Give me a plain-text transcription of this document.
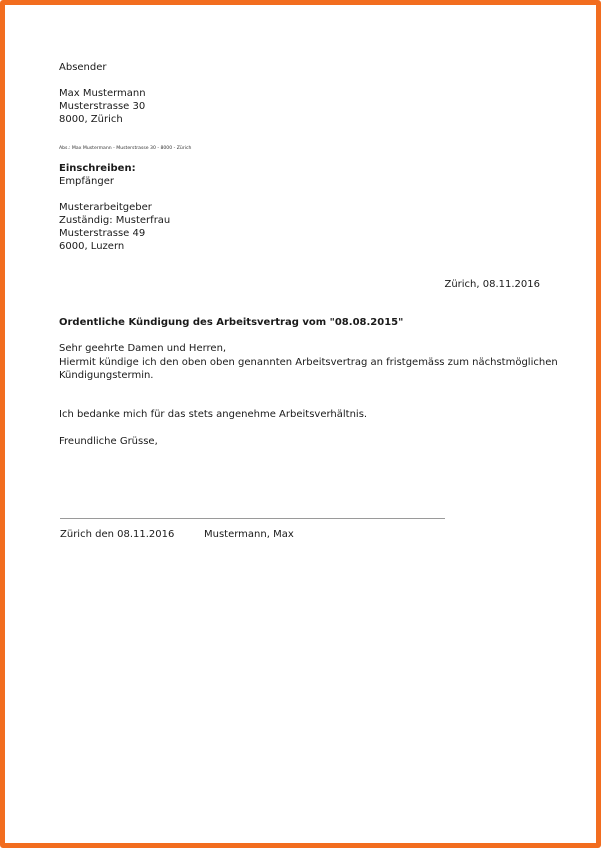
Absender
Max Mustermann
Musterstrasse 30
8000, Zürich
Abs.: Max Mustermann - Musterstrasse 30 - 8000 - Zürich
Einschreiben:
Empfänger
Musterarbeitgeber
Zuständig: Musterfrau
Musterstrasse 49
6000, Luzern
Zürich, 08.11.2016
Ordentliche Kündigung des Arbeitsvertrag vom "08.08.2015"
Sehr geehrte Damen und Herren,
Hiermit kündige ich den oben oben genannten Arbeitsvertrag an fristgemäss zum nächstmöglichen
Kündigungstermin.
Ich bedanke mich für das stets angenehme Arbeitsverhältnis.
Freundliche Grüsse,
Zürich den 08.11.2016	Mustermann, Max
